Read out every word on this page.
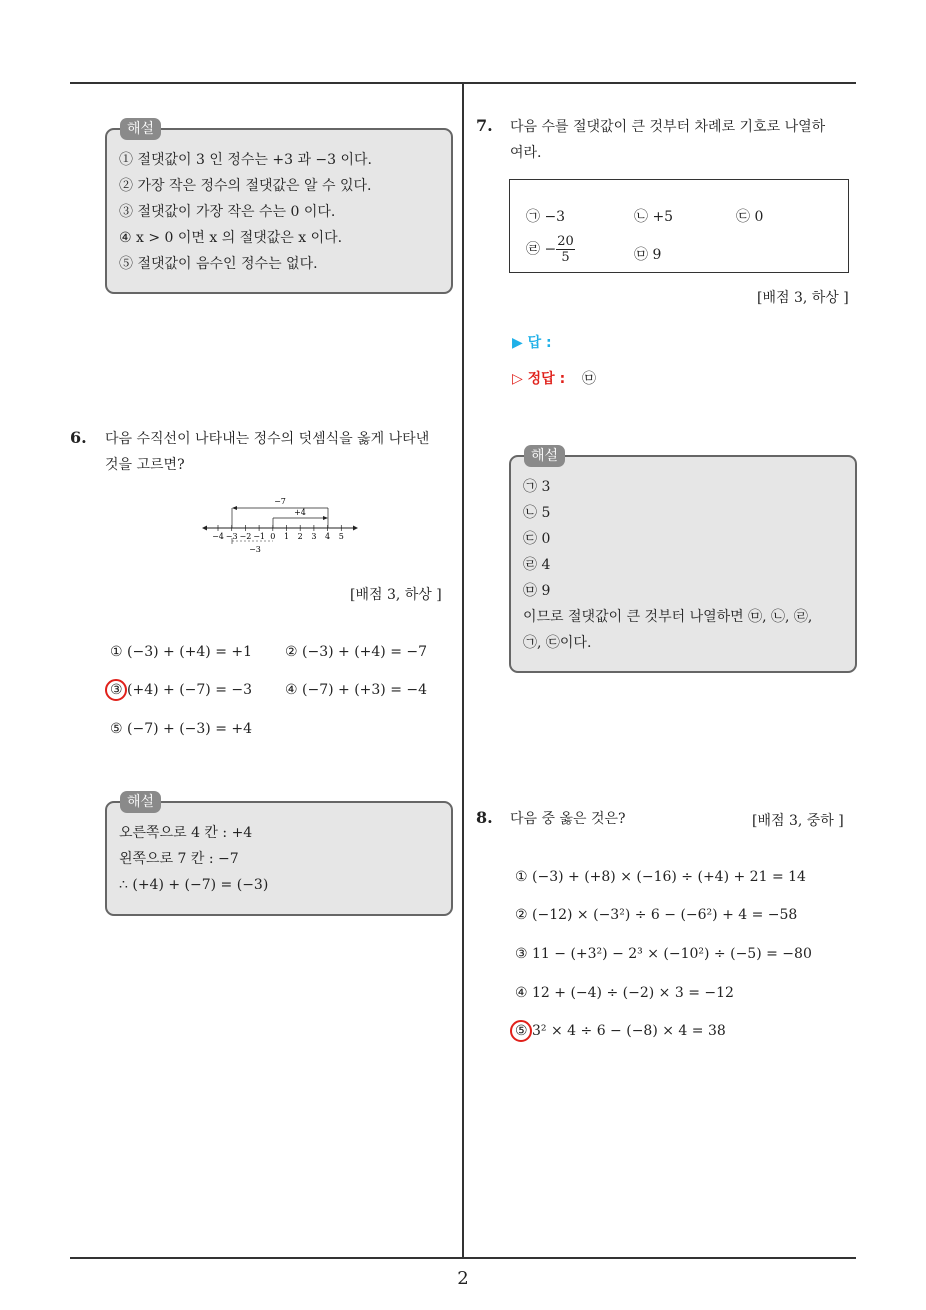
2
해설
① 절댓값이 3 인 정수는 +3 과 −3 이다.
② 가장 작은 정수의 절댓값은 알 수 있다.
③ 절댓값이 가장 작은 수는 0 이다.
④ x > 0 이면 x 의 절댓값은 x 이다.
⑤ 절댓값이 음수인 정수는 없다.
6. 다음 수직선이 나타내는 정수의 덧셈식을 옳게 나타낸
것을 고르면?
−4 −3 −2 −1 0 1 2 3 4 5
−7
+4
−3
[배점 3, 하상 ]
① (−3) + (+4) = +1 ② (−3) + (+4) = −7
③ (+4) + (−7) = −3 ④ (−7) + (+3) = −4
⑤ (−7) + (−3) = +4
해설
오른쪽으로 4 칸 : +4
왼쪽으로 7 칸 : −7
∴ (+4) + (−7) = (−3)
7. 다음 수를 절댓값이 큰 것부터 차례로 기호로 나열하
여라.
㉠ −3	㉡ +5	㉢ 0
㉣ − $\frac{20}{5}$	㉤ 9
[배점 3, 하상 ]
▶ 답 :
▷ 정답 : ㉤
해설
㉠ 3
㉡ 5
㉢ 0
㉣ 4
㉤ 9
이므로 절댓값이 큰 것부터 나열하면 ㉤, ㉡, ㉣,
㉠, ㉢이다.
8. 다음 중 옳은 것은?	[배점 3, 중하 ]
① (−3) + (+8) × (−16) ÷ (+4) + 21 = 14
② (−12) × (−3²) ÷ 6 − (−6²) + 4 = −58
③ 11 − (+3²) − 2³ × (−10²) ÷ (−5) = −80
④ 12 + (−4) ÷ (−2) × 3 = −12
⑤ 3² × 4 ÷ 6 − (−8) × 4 = 38
